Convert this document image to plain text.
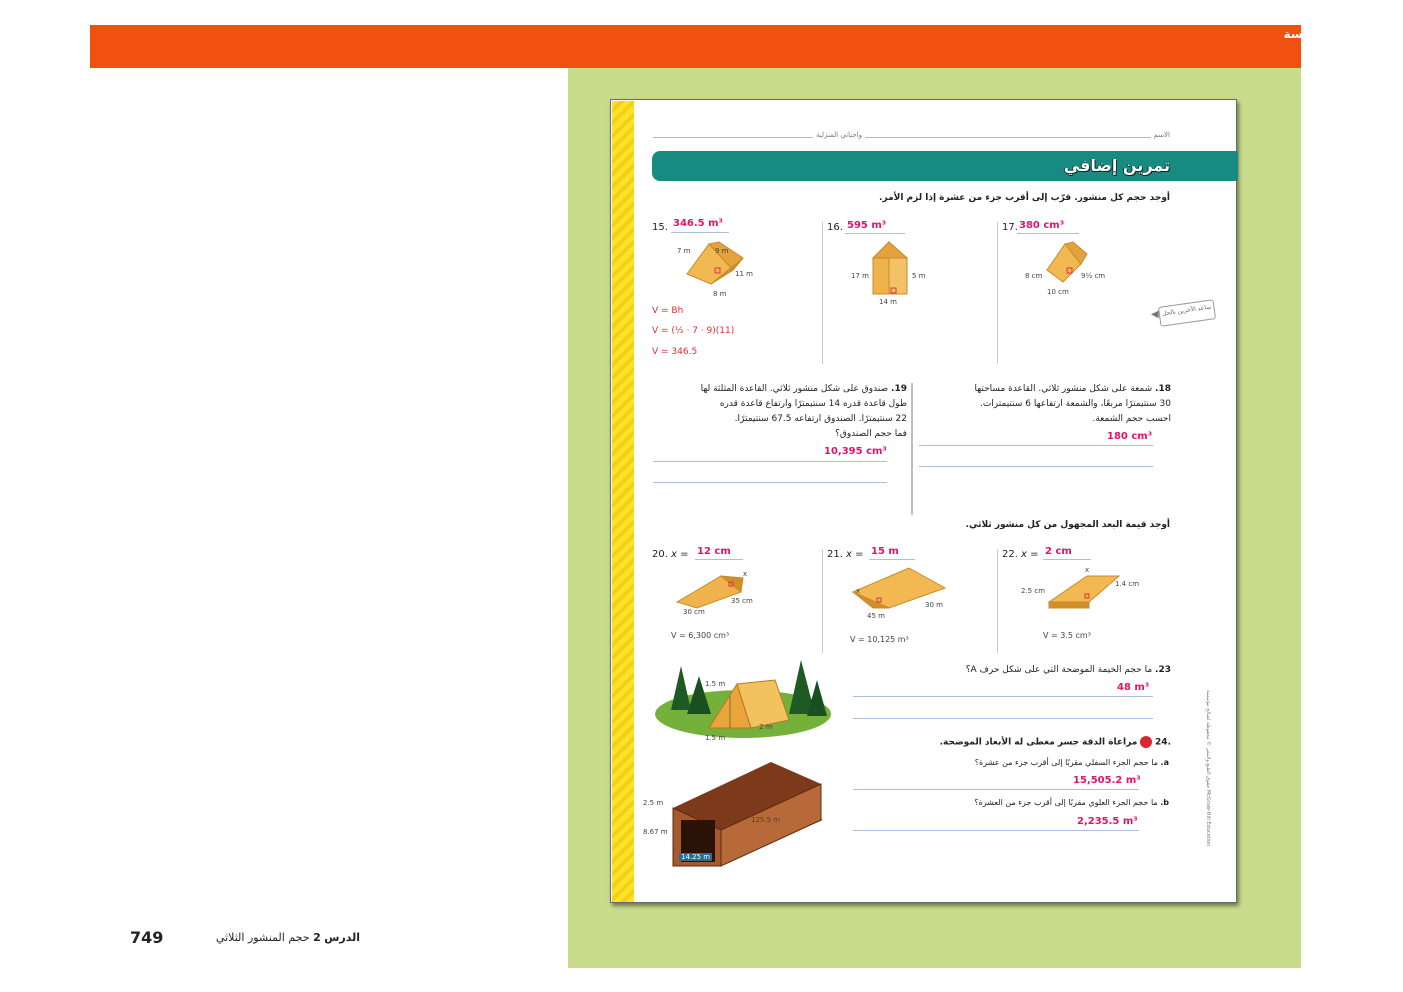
الهندسة
749	الدرس 2 حجم المنشور الثلاثي
الاسم
واجباتي المنزلية
تمرين إضافي
أوجد حجم كل منشور. قرّب إلى أقرب جزء من عشرة إذا لزم الأمر.
15. 346.5 m³
7 m	9 m
11 m
8 m
V = Bh
V = (½ · 7 · 9)(11)
V = 346.5
16. 595 m³
17 m	5 m
14 m
17. 380 cm³
8 cm	9½ cm
10 cm
ساعد الآخرين بالحل
◀
19. صندوق على شكل منشور ثلاثي. القاعدة المثلثة لها
طول قاعدة قدره 14 سنتيمترًا وارتفاع قاعدة قدره
22 سنتيمترًا. الصندوق ارتفاعه 67.5 سنتيمترًا.
فما حجم الصندوق؟
10,395 cm³
18. شمعة على شكل منشور ثلاثي. القاعدة مساحتها
30 سنتيمترًا مربعًا، والشمعة ارتفاعها 6 سنتيمترات.
احسب حجم الشمعة.
180 cm³
أوجد قيمة البعد المجهول من كل منشور ثلاثي.
20. x = 12 cm
x
35 cm
30 cm
V = 6,300 cm³
21. x = 15 m
x
45 m
30 m
V = 10,125 m³
22. x = 2 cm
x
2.5 cm
1.4 cm
V = 3.5 cm³
1.5 m
2 m
1.5 m
23. ما حجم الخيمة الموضحة التي على شكل حرف A؟
48 m³
.24  مراعاة الدقة جسر مغطى له الأبعاد الموضحة.
a. ما حجم الجزء السفلي مقربًا إلى أقرب جزء من عشرة؟
15,505.2 m³
b. ما حجم الجزء العلوي مقربًا إلى أقرب جزء من العشرة؟
2,235.5 m³
2.5 m
8.67 m
125.5 m
14.25 m
حقوق الطبع والنشر © محفوظة لصالح مؤسسة McGraw-Hill Education
